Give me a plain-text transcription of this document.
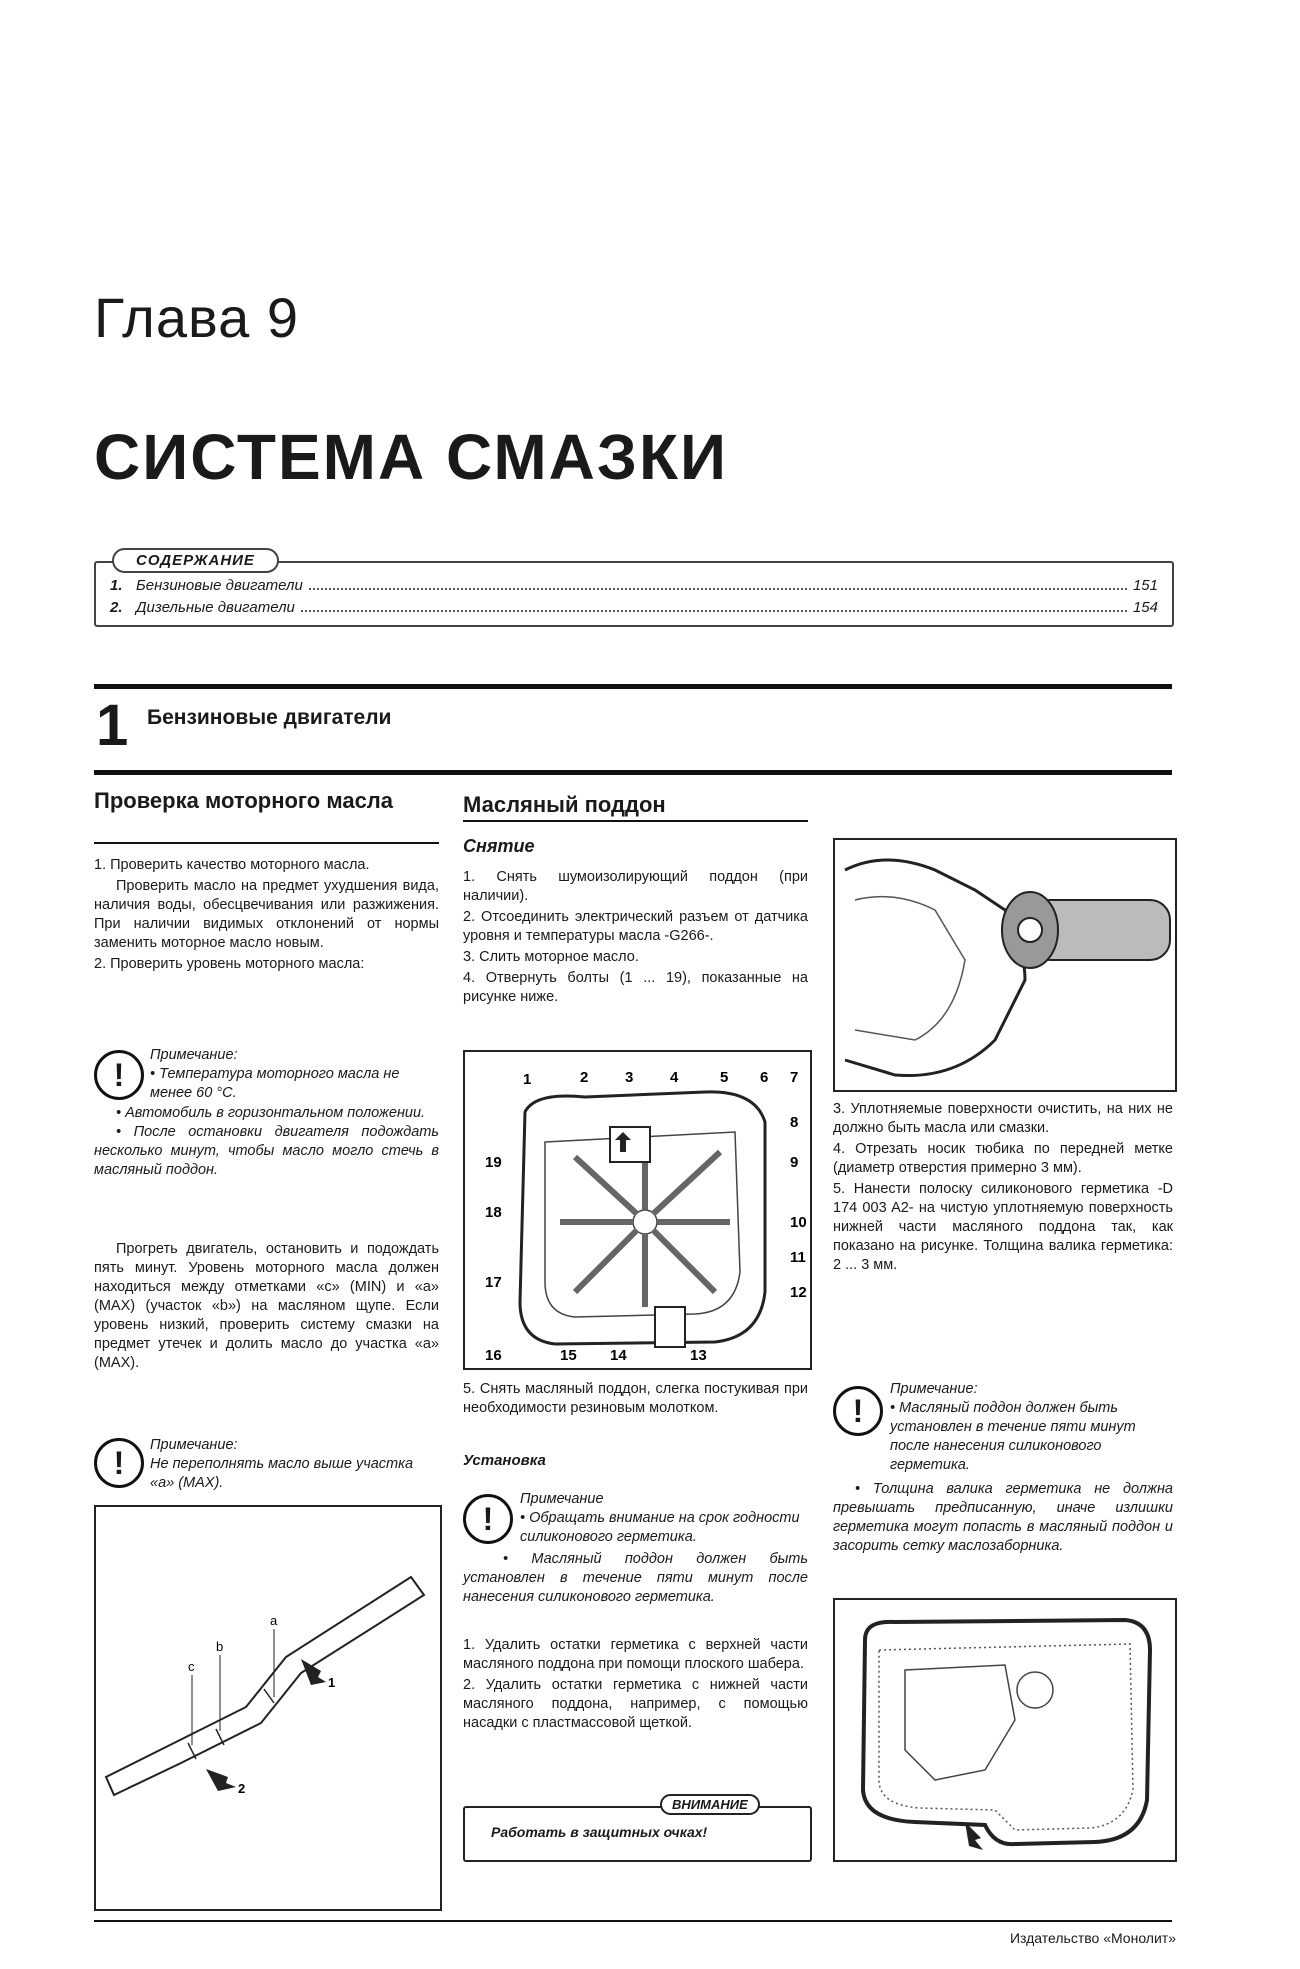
Глава 9
СИСТЕМА СМАЗКИ
1. Бензиновые двигатели	151
2. Дизельные двигатели	154
СОДЕРЖАНИЕ
1 Бензиновые двигатели
Проверка моторного масла

1. Проверить качество моторного масла.

Проверить масло на предмет ухудшения вида, наличия воды, обесцвечивания или разжижения. При наличии видимых отклонений от нормы заменить моторное масло новым.

2. Проверить уровень моторного масла:

!
Примечание:
• Температура моторного масла не менее 60 °С.
• Автомобиль в горизонтальном положении.
• После остановки двигателя подождать несколько минут, чтобы масло могло стечь в масляный поддон.

Прогреть двигатель, остановить и подождать пять минут. Уровень моторного масла должен находиться между отметками «с» (MIN) и «а» (MAX) (участок «b») на масляном щупе. Если уровень низкий, проверить систему смазки на предмет утечек и долить масло до участка «а» (MAX).

!	Примечание:
Не переполнять масло выше участка «а» (MAX).
c
b
a
1
2
Масляный поддон
Снятие

1. Снять шумоизолирующий поддон (при наличии).

2. Отсоединить электрический разъем от датчика уровня и температуры масла -G266-.

3. Слить моторное масло.

4. Отвернуть болты (1 ... 19), показанные на рисунке ниже.

1	2 3 4	5 6 7
8
9
10
11
12
13
14
15
16
17
18
19

5. Снять масляный поддон, слегка постукивая при необходимости резиновым молотком.

Установка
!
Примечание
• Обращать внимание на срок годности силиконового герметика.
• Масляный поддон должен быть установлен в течение пяти минут после нанесения силиконового герметика.

1. Удалить остатки герметика с верхней части масляного поддона при помощи плоского шабера.

2. Удалить остатки герметика с нижней части масляного поддона, например, с помощью насадки с пластмассовой щеткой.

Работать в защитных очках!
ВНИМАНИЕ

3. Уплотняемые поверхности очистить, на них не должно быть масла или смазки.

4. Отрезать носик тюбика по передней метке (диаметр отверстия примерно 3 мм).

5. Нанести полоску силиконового герметика -D 174 003 A2- на чистую уплотняемую поверхность нижней части масляного поддона так, как показано на рисунке. Толщина валика герметика: 2 ... 3 мм.

!
Примечание:
• Масляный поддон должен быть установлен в течение пяти минут после нанесения силиконового герметика.
• Толщина валика герметика не должна превышать предписанную, иначе излишки герметика могут попасть в масляный поддон и засорить сетку маслозаборника.
Издательство «Монолит»
